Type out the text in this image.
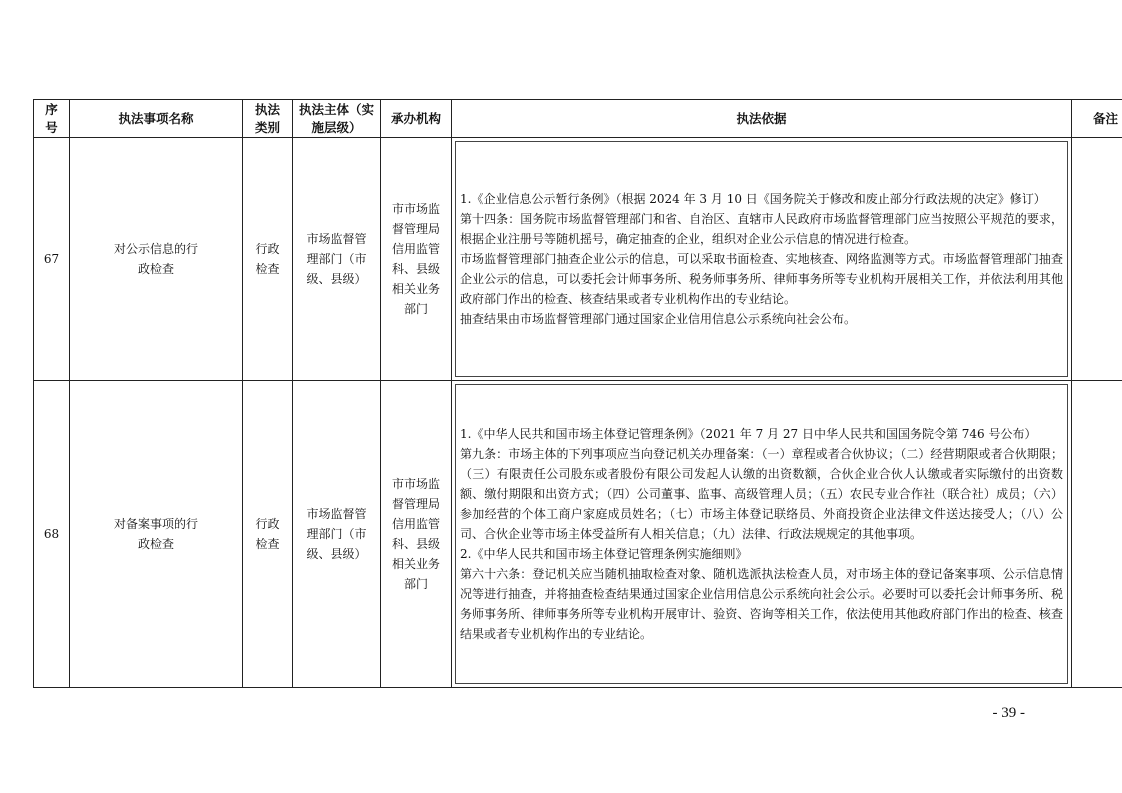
序号	执法事项名称	执法类别	执法主体（实施层级）	承办机构	执法依据	备注
67	对公示信息的行政检查	行政检查	市场监督管理部门（市级、县级）	市市场监督管理局信用监管科、县级相关业务部门	1.《企业信息公示暂行条例》（根据 2024 年 3 月 10 日《国务院关于修改和废止部分行政法规的决定》修订）

第十四条：国务院市场监督管理部门和省、自治区、直辖市人民政府市场监督管理部门应当按照公平规范的要求，根据企业注册号等随机摇号，确定抽查的企业，组织对企业公示信息的情况进行检查。

市场监督管理部门抽查企业公示的信息，可以采取书面检查、实地核查、网络监测等方式。市场监督管理部门抽查企业公示的信息，可以委托会计师事务所、税务师事务所、律师事务所等专业机构开展相关工作，并依法利用其他政府部门作出的检查、核查结果或者专业机构作出的专业结论。

抽查结果由市场监督管理部门通过国家企业信用信息公示系统向社会公布。	

68	对备案事项的行政检查	行政检查	市场监督管理部门（市级、县级）	市市场监督管理局信用监管科、县级相关业务部门	1.《中华人民共和国市场主体登记管理条例》（2021 年 7 月 27 日中华人民共和国国务院令第 746 号公布）

第九条：市场主体的下列事项应当向登记机关办理备案：（一）章程或者合伙协议；（二）经营期限或者合伙期限；（三）有限责任公司股东或者股份有限公司发起人认缴的出资数额，合伙企业合伙人认缴或者实际缴付的出资数额、缴付期限和出资方式；（四）公司董事、监事、高级管理人员；（五）农民专业合作社（联合社）成员；（六）参加经营的个体工商户家庭成员姓名；（七）市场主体登记联络员、外商投资企业法律文件送达接受人；（八）公司、合伙企业等市场主体受益所有人相关信息；（九）法律、行政法规规定的其他事项。

2.《中华人民共和国市场主体登记管理条例实施细则》

第六十六条：登记机关应当随机抽取检查对象、随机选派执法检查人员，对市场主体的登记备案事项、公示信息情况等进行抽查，并将抽查检查结果通过国家企业信用信息公示系统向社会公示。必要时可以委托会计师事务所、税务师事务所、律师事务所等专业机构开展审计、验资、咨询等相关工作，依法使用其他政府部门作出的检查、核查结果或者专业机构作出的专业结论。	

- 39 -
